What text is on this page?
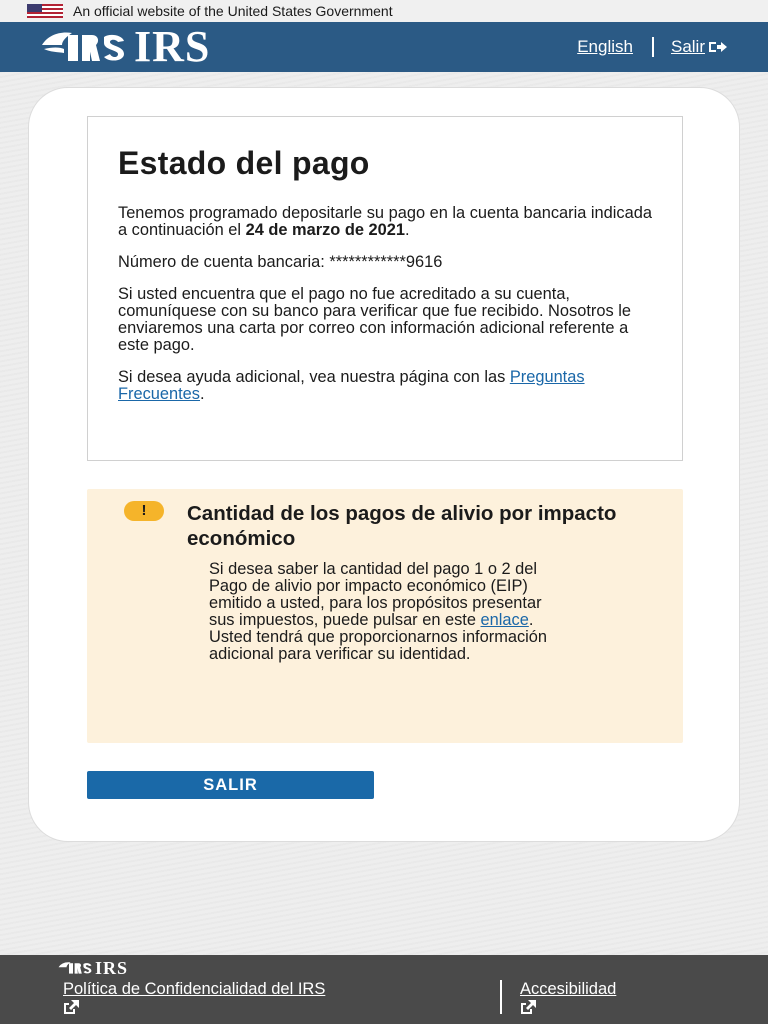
An official website of the United States Government
IRS	English Salir
Estado del pago

Tenemos programado depositarle su pago en la cuenta bancaria indicada a continuación el 24 de marzo de 2021.

Número de cuenta bancaria: ************9616

Si usted encuentra que el pago no fue acreditado a su cuenta, comuníquese con su banco para verificar que fue recibido. Nosotros le enviaremos una carta por correo con información adicional referente a este pago.

Si desea ayuda adicional, vea nuestra página con las Preguntas Frecuentes.

!	Cantidad de los pagos de alivio por impacto económico
Si desea saber la cantidad del pago 1 o 2 del Pago de alivio por impacto económico (EIP) emitido a usted, para los propósitos presentar sus impuestos, puede pulsar en este enlace. Usted tendrá que proporcionarnos información adicional para verificar su identidad.
SALIR
IRS
Política de Confidencialidad del IRS	Accesibilidad
